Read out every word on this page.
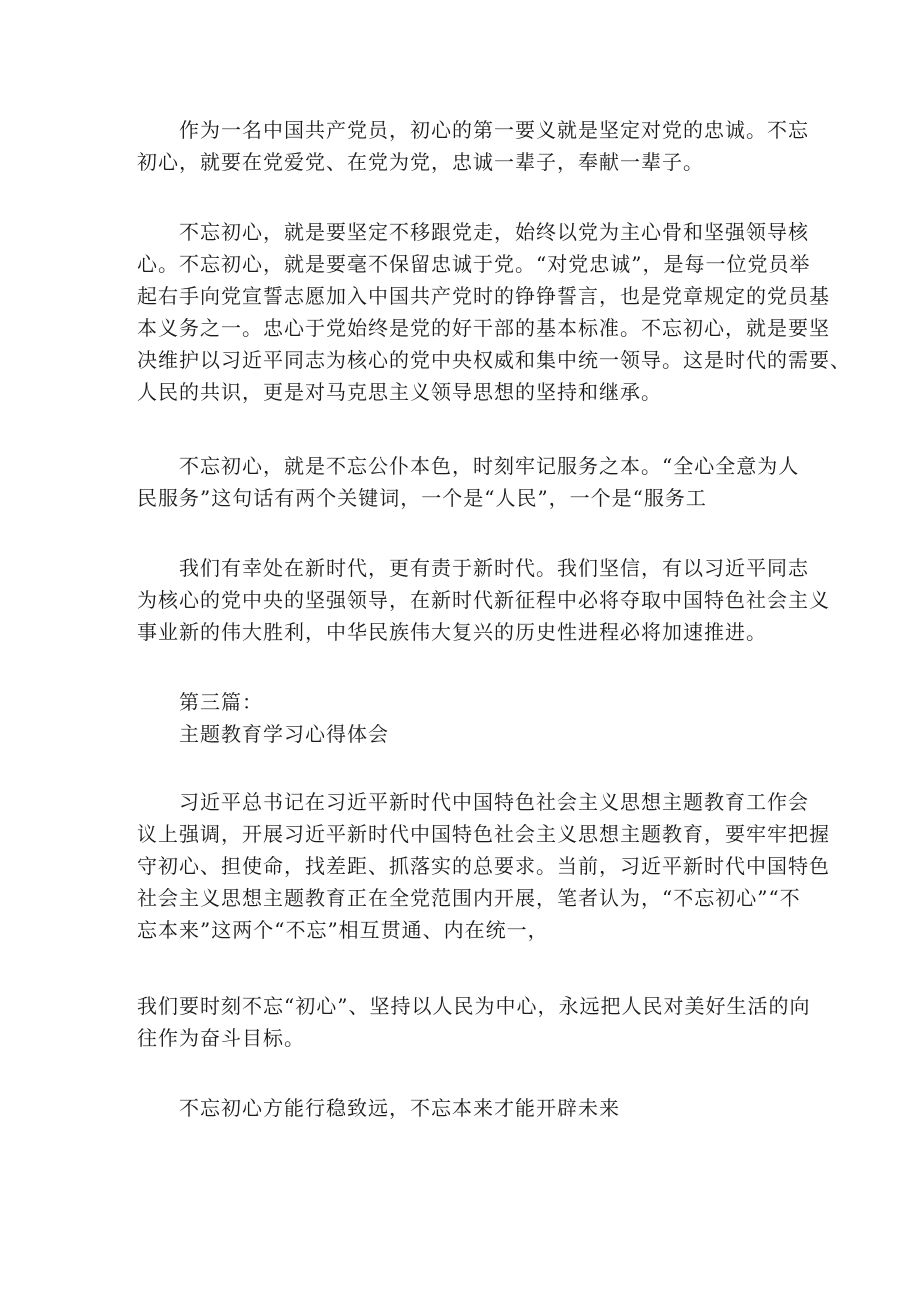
作为一名中国共产党员，初心的第一要义就是坚定对党的忠诚。不忘
初心，就要在党爱党、在党为党，忠诚一辈子，奉献一辈子。
不忘初心，就是要坚定不移跟党走，始终以党为主心骨和坚强领导核
心。不忘初心，就是要毫不保留忠诚于党。“对党忠诚”，是每一位党员举
起右手向党宣誓志愿加入中国共产党时的铮铮誓言，也是党章规定的党员基
本义务之一。忠心于党始终是党的好干部的基本标准。不忘初心，就是要坚
决维护以习近平同志为核心的党中央权威和集中统一领导。这是时代的需要、
人民的共识，更是对马克思主义领导思想的坚持和继承。
不忘初心，就是不忘公仆本色，时刻牢记服务之本。“全心全意为人
民服务”这句话有两个关键词，一个是“人民”，一个是“服务工
我们有幸处在新时代，更有责于新时代。我们坚信，有以习近平同志
为核心的党中央的坚强领导，在新时代新征程中必将夺取中国特色社会主义
事业新的伟大胜利，中华民族伟大复兴的历史性进程必将加速推进。
第三篇：
主题教育学习心得体会
习近平总书记在习近平新时代中国特色社会主义思想主题教育工作会
议上强调，开展习近平新时代中国特色社会主义思想主题教育，要牢牢把握
守初心、担使命，找差距、抓落实的总要求。当前，习近平新时代中国特色
社会主义思想主题教育正在全党范围内开展，笔者认为，“不忘初心”“不
忘本来”这两个“不忘”相互贯通、内在统一，
我们要时刻不忘“初心”、坚持以人民为中心，永远把人民对美好生活的向
往作为奋斗目标。
不忘初心方能行稳致远，不忘本来才能开辟未来
